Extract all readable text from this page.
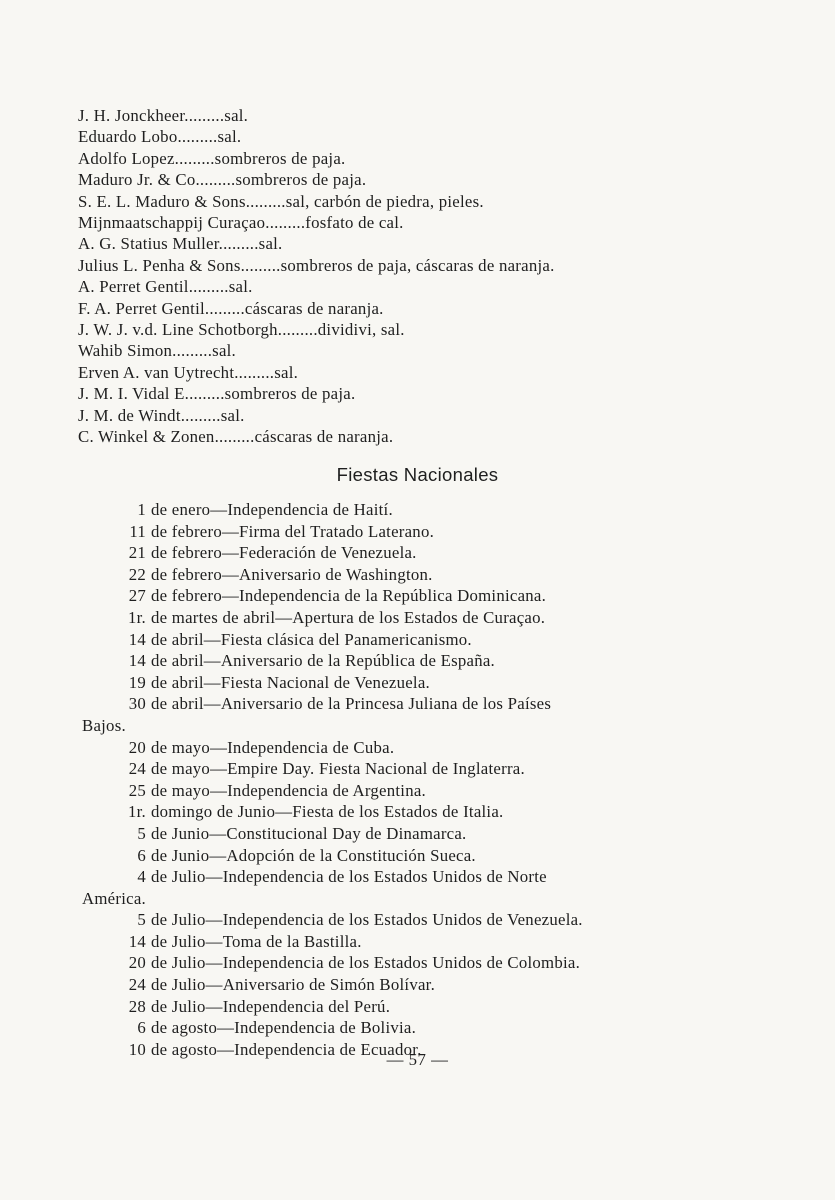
J. H. Jonckheer.........sal.
Eduardo Lobo.........sal.
Adolfo Lopez.........sombreros de paja.
Maduro Jr. & Co.........sombreros de paja.
S. E. L. Maduro & Sons.........sal, carbón de piedra, pieles.
Mijnmaatschappij Curaçao.........fosfato de cal.
A. G. Statius Muller.........sal.
Julius L. Penha & Sons.........sombreros de paja, cáscaras de naranja.
A. Perret Gentil.........sal.
F. A. Perret Gentil.........cáscaras de naranja.
J. W. J. v.d. Line Schotborgh.........dividivi, sal.
Wahib Simon.........sal.
Erven A. van Uytrecht.........sal.
J. M. I. Vidal E.........sombreros de paja.
J. M. de Windt.........sal.
C. Winkel & Zonen.........cáscaras de naranja.
Fiestas Nacionales
1 de enero—Independencia de Haití.
11 de febrero—Firma del Tratado Laterano.
21 de febrero—Federación de Venezuela.
22 de febrero—Aniversario de Washington.
27 de febrero—Independencia de la República Dominicana.
1r. de martes de abril—Apertura de los Estados de Curaçao.
14 de abril—Fiesta clásica del Panamericanismo.
14 de abril—Aniversario de la República de España.
19 de abril—Fiesta Nacional de Venezuela.
30 de abril—Aniversario de la Princesa Juliana de los Países
Bajos.
20 de mayo—Independencia de Cuba.
24 de mayo—Empire Day. Fiesta Nacional de Inglaterra.
25 de mayo—Independencia de Argentina.
1r. domingo de Junio—Fiesta de los Estados de Italia.
5 de Junio—Constitucional Day de Dinamarca.
6 de Junio—Adopción de la Constitución Sueca.
4 de Julio—Independencia de los Estados Unidos de Norte
América.
5 de Julio—Independencia de los Estados Unidos de Venezuela.
14 de Julio—Toma de la Bastilla.
20 de Julio—Independencia de los Estados Unidos de Colombia.
24 de Julio—Aniversario de Simón Bolívar.
28 de Julio—Independencia del Perú.
6 de agosto—Independencia de Bolivia.
10 de agosto—Independencia de Ecuador.
— 57 —
